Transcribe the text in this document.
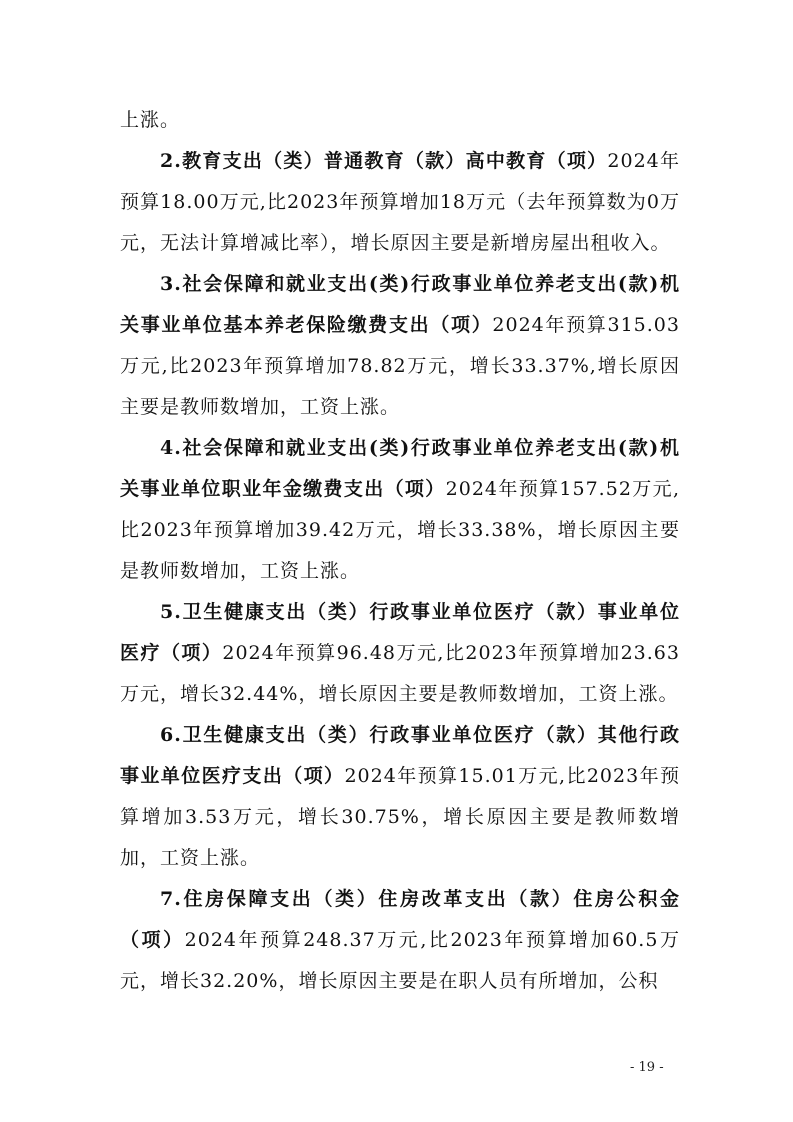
上涨。

2.教育支出（类）普通教育（款）高中教育（项）2024年预算18.00万元,比2023年预算增加18万元（去年预算数为0万元，无法计算增减比率），增长原因主要是新增房屋出租收入。

3.社会保障和就业支出(类)行政事业单位养老支出(款)机关事业单位基本养老保险缴费支出（项）2024年预算315.03万元,比2023年预算增加78.82万元，增长33.37%,增长原因主要是教师数增加，工资上涨。

4.社会保障和就业支出(类)行政事业单位养老支出(款)机关事业单位职业年金缴费支出（项）2024年预算157.52万元,比2023年预算增加39.42万元，增长33.38%，增长原因主要是教师数增加，工资上涨。

5.卫生健康支出（类）行政事业单位医疗（款）事业单位医疗（项）2024年预算96.48万元,比2023年预算增加23.63万元，增长32.44%，增长原因主要是教师数增加，工资上涨。

6.卫生健康支出（类）行政事业单位医疗（款）其他行政事业单位医疗支出（项）2024年预算15.01万元,比2023年预算增加3.53万元，增长30.75%，增长原因主要是教师数增加，工资上涨。

7.住房保障支出（类）住房改革支出（款）住房公积金（项）2024年预算248.37万元,比2023年预算增加60.5万元，增长32.20%，增长原因主要是在职人员有所增加，公积

- 19 -
